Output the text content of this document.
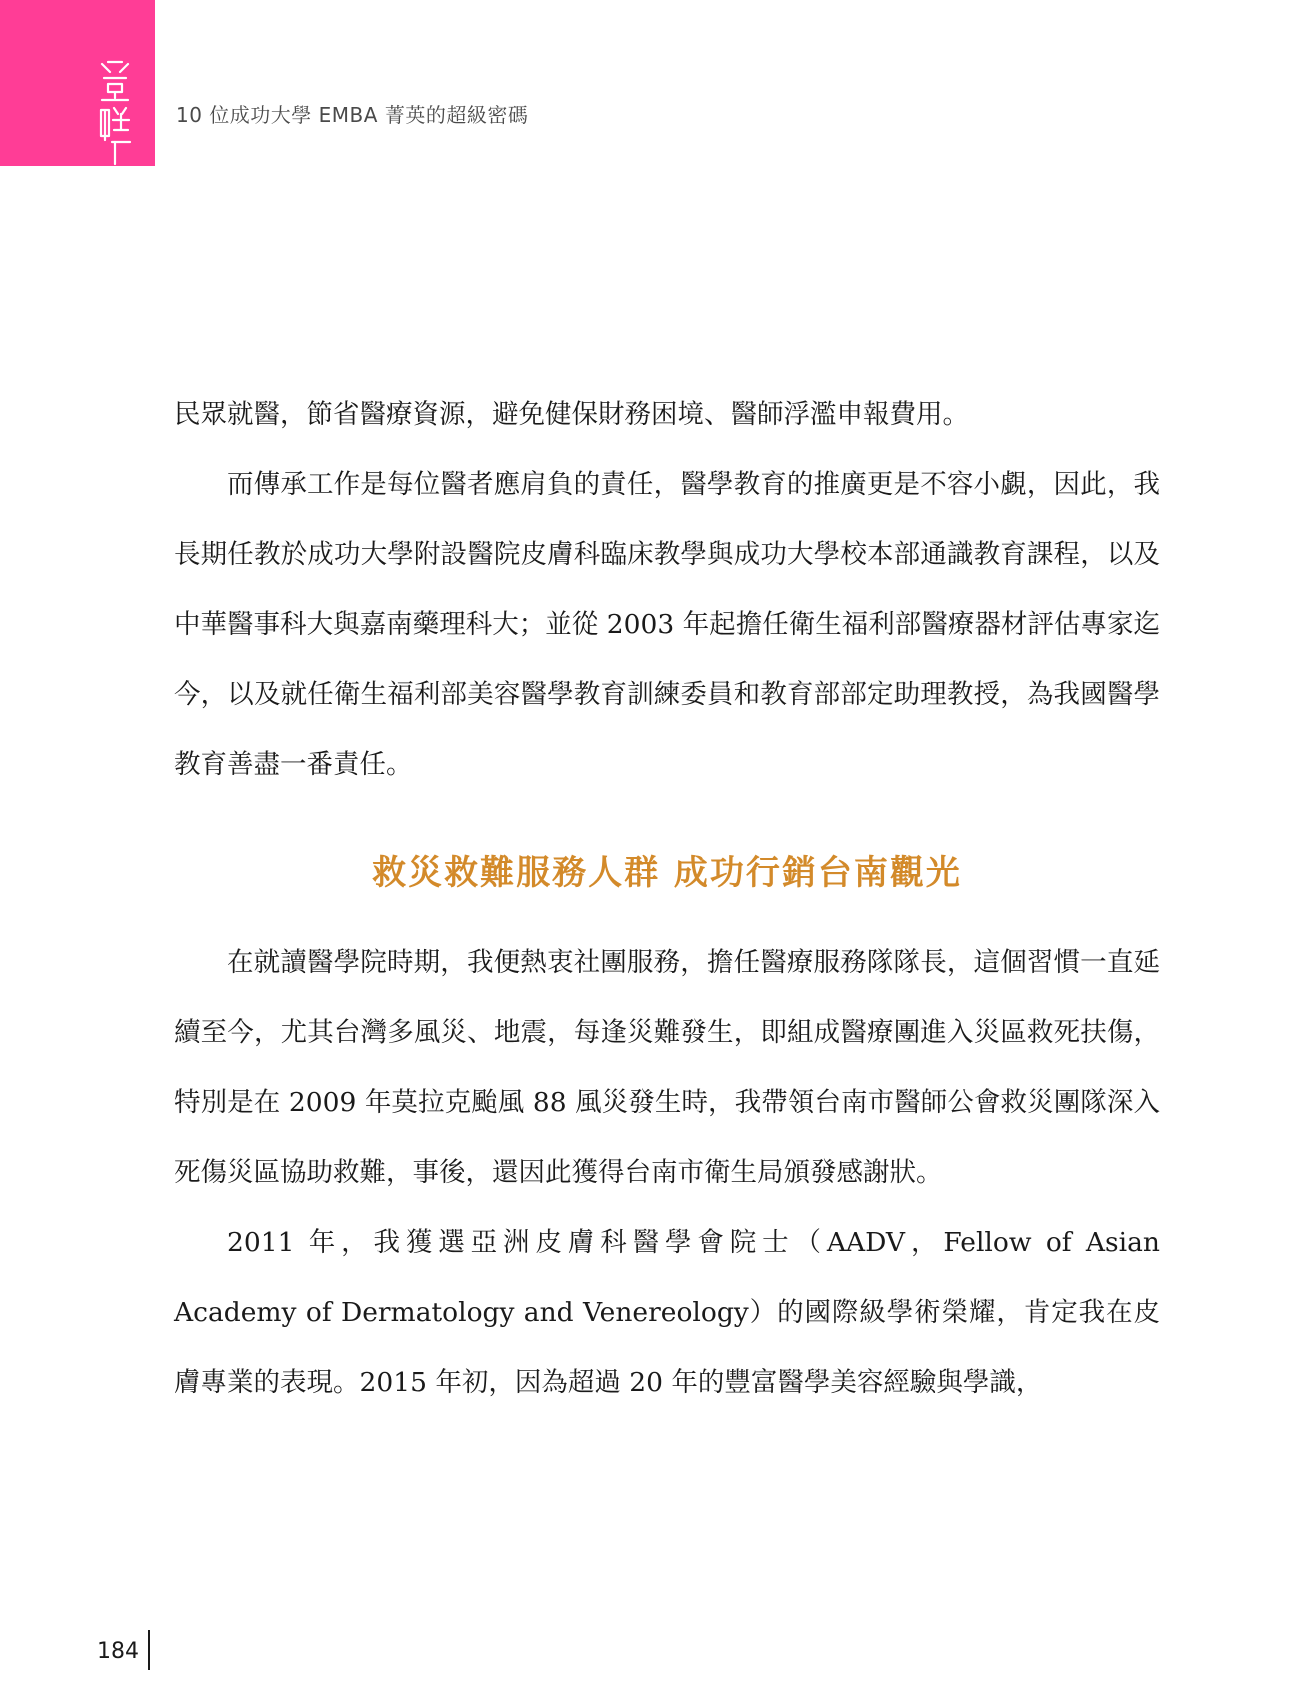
10 位成功大學 EMBA 菁英的超級密碼

民眾就醫，節省醫療資源，避免健保財務困境、醫師浮濫申報費用。

而傳承工作是每位醫者應肩負的責任，醫學教育的推廣更是不容小覷，因此，我長期任教於成功大學附設醫院皮膚科臨床教學與成功大學校本部通識教育課程，以及中華醫事科大與嘉南藥理科大；並從 2003 年起擔任衛生福利部醫療器材評估專家迄今，以及就任衛生福利部美容醫學教育訓練委員和教育部部定助理教授，為我國醫學教育善盡一番責任。

救災救難服務人群 成功行銷台南觀光

在就讀醫學院時期，我便熱衷社團服務，擔任醫療服務隊隊長，這個習慣一直延續至今，尤其台灣多風災、地震，每逢災難發生，即組成醫療團進入災區救死扶傷，特別是在 2009 年莫拉克颱風 88 風災發生時，我帶領台南市醫師公會救災團隊深入死傷災區協助救難，事後，還因此獲得台南市衛生局頒發感謝狀。

2011 年，我獲選亞洲皮膚科醫學會院士（AADV，Fellow of Asian Academy of Dermatology and Venereology）的國際級學術榮耀，肯定我在皮膚專業的表現。2015 年初，因為超過 20 年的豐富醫學美容經驗與學識，

184
